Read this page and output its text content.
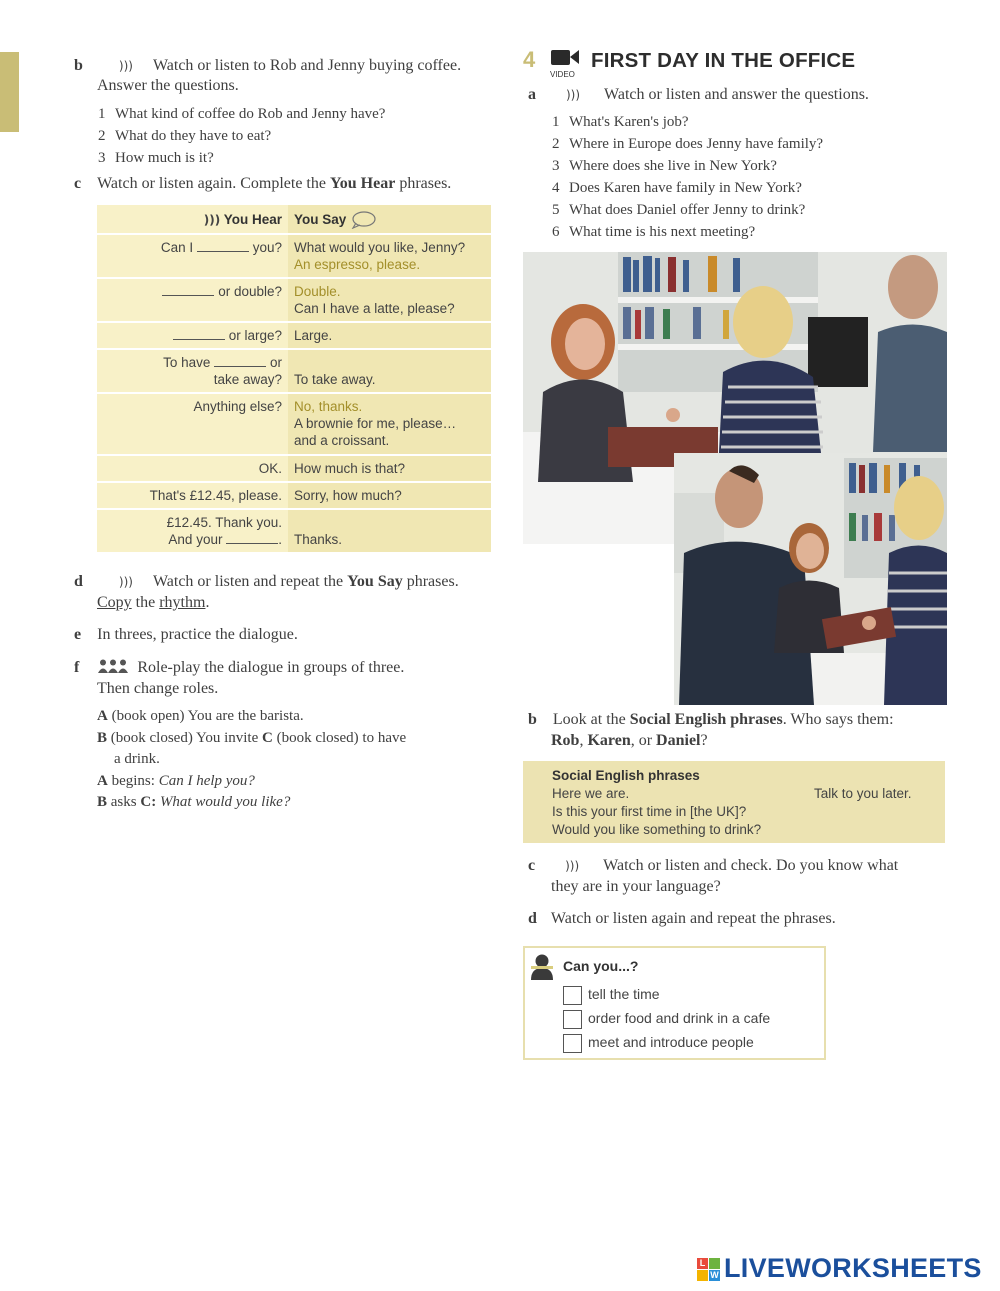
b	))) Watch or listen to Rob and Jenny buying coffee.
Answer the questions.
1 What kind of coffee do Rob and Jenny have?
2 What do they have to eat?
3 How much is it?
c Watch or listen again. Complete the You Hear phrases.
))) You Hear	You Say
Can I you?	What would you like, Jenny?
An espresso, please.

or double?	Double.
Can I have a latte, please?

or large?	Large.

To have or
take away?	To take away.

Anything else?	No, thanks.
A brownie for me, please…
and a croissant.

OK.	How much is that?

That's £12.45, please.	Sorry, how much?

£12.45. Thank you.
And your .	Thanks.
d	))) Watch or listen and repeat the You Say phrases.
Copy the rhythm.
e In threes, practice the dialogue.
f	Role-play the dialogue in groups of three.
Then change roles.
A (book open) You are the barista.
B (book closed) You invite C (book closed) to have
a drink.
A begins: Can I help you?
B asks C: What would you like?
4
VIDEO
FIRST DAY IN THE OFFICE
a	))) Watch or listen and answer the questions.
1 What's Karen's job?
2 Where in Europe does Jenny have family?
3 Where does she live in New York?
4 Does Karen have family in New York?
5 What does Daniel offer Jenny to drink?
6 What time is his next meeting?
b Look at the Social English phrases. Who says them:
Rob, Karen, or Daniel?
Social English phrases
Here we are.
Is this your first time in [the UK]?
Would you like something to drink?
Talk to you later.
c	))) Watch or listen and check. Do you know what
they are in your language?
d Watch or listen again and repeat the phrases.
Can you...?
tell the time
order food and drink in a cafe
meet and introduce people
L
W LIVEWORKSHEETS
